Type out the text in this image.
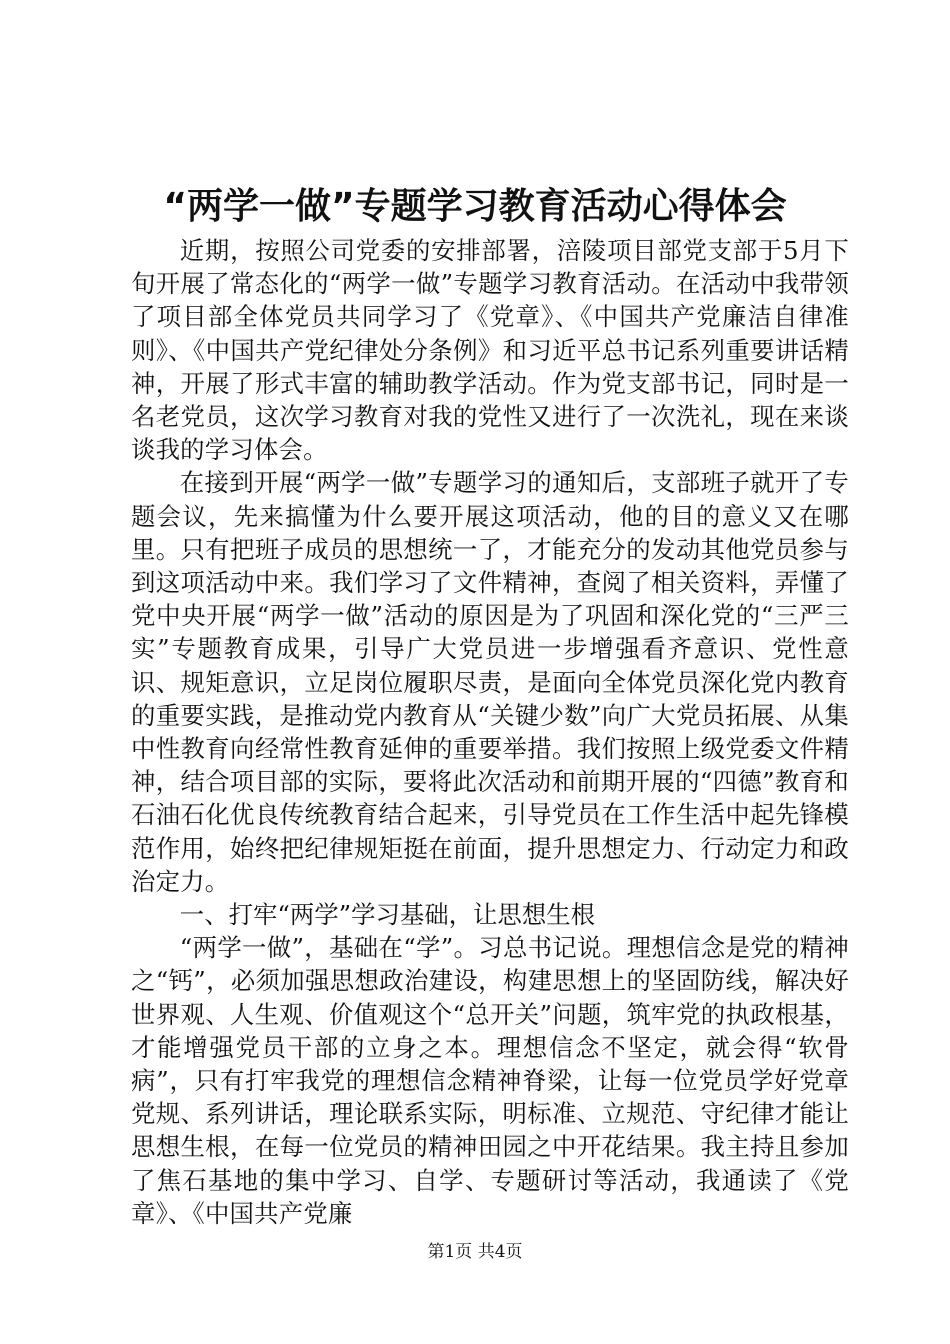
“两学一做”专题学习教育活动心得体会

近期，按照公司党委的安排部署，涪陵项目部党支部于5月下旬开展了常态化的“两学一做”专题学习教育活动。在活动中我带领了项目部全体党员共同学习了《党章》、《中国共产党廉洁自律准则》、《中国共产党纪律处分条例》和习近平总书记系列重要讲话精神，开展了形式丰富的辅助教学活动。作为党支部书记，同时是一名老党员，这次学习教育对我的党性又进行了一次洗礼，现在来谈谈我的学习体会。

在接到开展“两学一做”专题学习的通知后，支部班子就开了专题会议，先来搞懂为什么要开展这项活动，他的目的意义又在哪里。只有把班子成员的思想统一了，才能充分的发动其他党员参与到这项活动中来。我们学习了文件精神，查阅了相关资料，弄懂了党中央开展“两学一做”活动的原因是为了巩固和深化党的“三严三实”专题教育成果，引导广大党员进一步增强看齐意识、党性意识、规矩意识，立足岗位履职尽责，是面向全体党员深化党内教育的重要实践，是推动党内教育从“关键少数”向广大党员拓展、从集中性教育向经常性教育延伸的重要举措。我们按照上级党委文件精神，结合项目部的实际，要将此次活动和前期开展的“四德”教育和石油石化优良传统教育结合起来，引导党员在工作生活中起先锋模范作用，始终把纪律规矩挺在前面，提升思想定力、行动定力和政治定力。

一、打牢“两学”学习基础，让思想生根

“两学一做”，基础在“学”。习总书记说。理想信念是党的精神之“钙”，必须加强思想政治建设，构建思想上的坚固防线，解决好世界观、人生观、价值观这个“总开关”问题，筑牢党的执政根基，才能增强党员干部的立身之本。理想信念不坚定，就会得“软骨病”，只有打牢我党的理想信念精神脊梁，让每一位党员学好党章党规、系列讲话，理论联系实际，明标准、立规范、守纪律才能让思想生根，在每一位党员的精神田园之中开花结果。我主持且参加了焦石基地的集中学习、自学、专题研讨等活动，我通读了《党章》、《中国共产党廉

第1页 共4页
